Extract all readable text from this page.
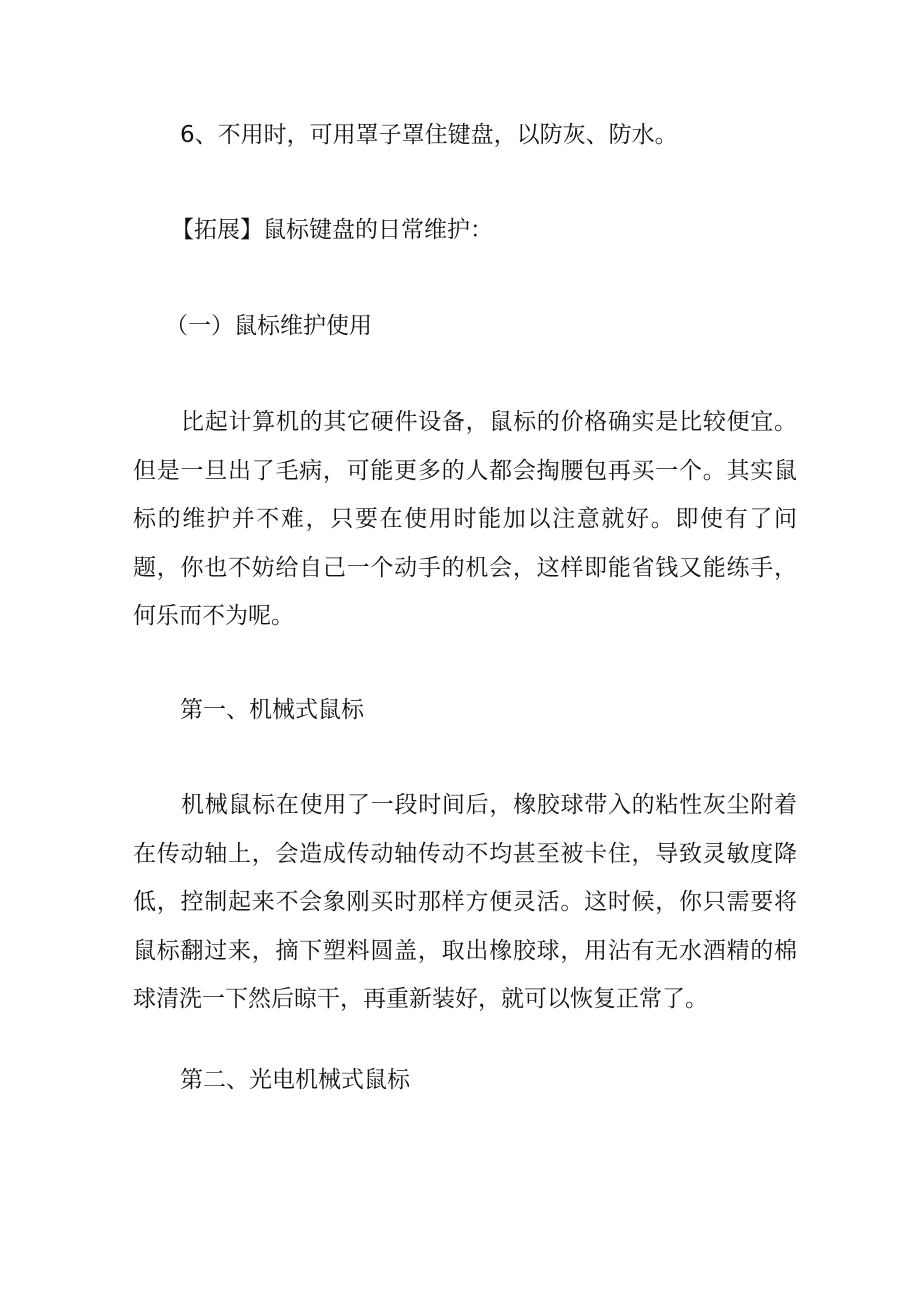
6、不用时，可用罩子罩住键盘，以防灰、防水。

【拓展】鼠标键盘的日常维护：

（一）鼠标维护使用

比起计算机的其它硬件设备，鼠标的价格确实是比较便宜。但是一旦出了毛病，可能更多的人都会掏腰包再买一个。其实鼠标的维护并不难，只要在使用时能加以注意就好。即使有了问题，你也不妨给自己一个动手的机会，这样即能省钱又能练手，何乐而不为呢。

第一、机械式鼠标

机械鼠标在使用了一段时间后，橡胶球带入的粘性灰尘附着在传动轴上，会造成传动轴传动不均甚至被卡住，导致灵敏度降低，控制起来不会象刚买时那样方便灵活。这时候，你只需要将鼠标翻过来，摘下塑料圆盖，取出橡胶球，用沾有无水酒精的棉球清洗一下然后晾干，再重新装好，就可以恢复正常了。

第二、光电机械式鼠标
